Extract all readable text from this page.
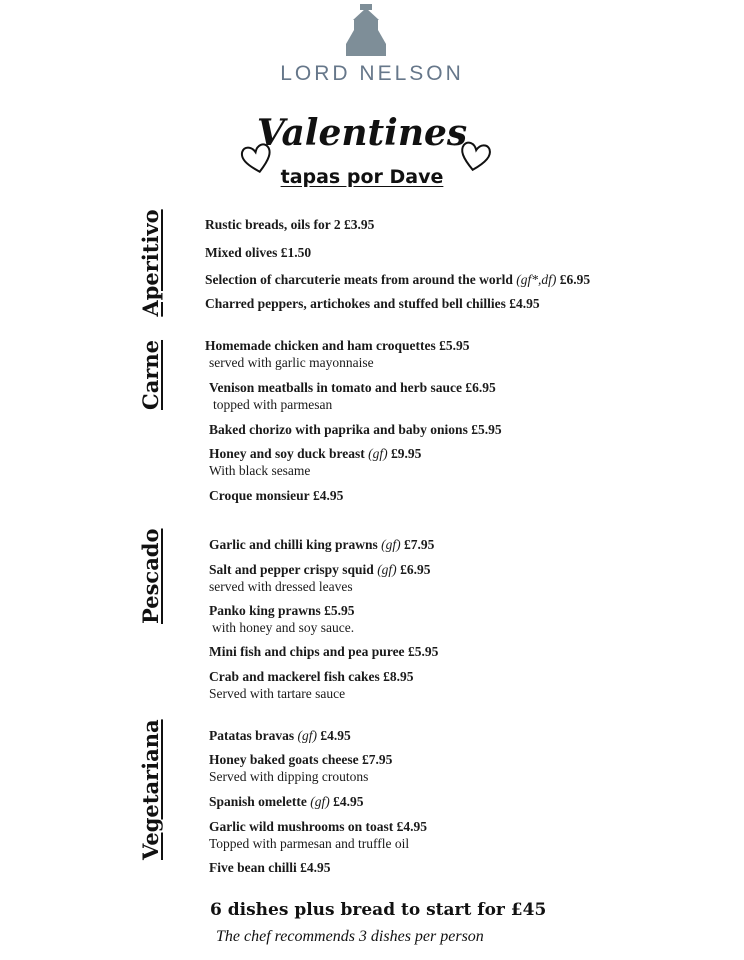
LORD NELSON
Valentines
tapas por Dave
Aperitivo
Carne
Pescado
Vegetariana
Rustic breads, oils for 2 £3.95
Mixed olives £1.50
Selection of charcuterie meats from around the world (gf*,df) £6.95
Charred peppers, artichokes and stuffed bell chillies £4.95
Homemade chicken and ham croquettes £5.95
served with garlic mayonnaise
Venison meatballs in tomato and herb sauce £6.95
topped with parmesan
Baked chorizo with paprika and baby onions £5.95
Honey and soy duck breast (gf) £9.95
With black sesame
Croque monsieur £4.95
Garlic and chilli king prawns (gf) £7.95
Salt and pepper crispy squid (gf) £6.95
served with dressed leaves
Panko king prawns £5.95
with honey and soy sauce.
Mini fish and chips and pea puree £5.95
Crab and mackerel fish cakes £8.95
Served with tartare sauce
Patatas bravas (gf) £4.95
Honey baked goats cheese £7.95
Served with dipping croutons
Spanish omelette (gf) £4.95
Garlic wild mushrooms on toast £4.95
Topped with parmesan and truffle oil
Five bean chilli £4.95
6 dishes plus bread to start for £45
The chef recommends 3 dishes per person
